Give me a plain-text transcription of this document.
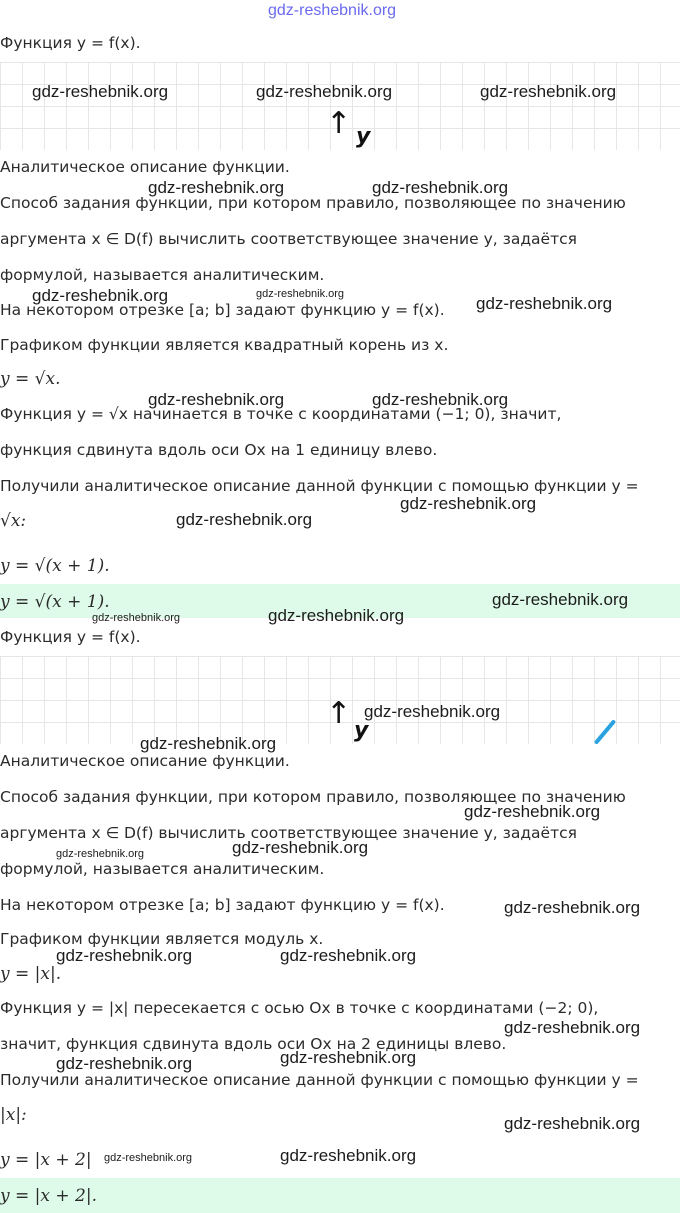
gdz-reshebnik.org
Функция y = f(x).
↑ y
gdz-reshebnik.org	gdz-reshebnik.org	gdz-reshebnik.org
Аналитическое описание функции.
gdz-reshebnik.org	gdz-reshebnik.org
Способ задания функции, при котором правило, позволяющее по значению
аргумента x ∈ D(f) вычислить соответствующее значение y, задаётся
формулой, называется аналитическим.
gdz-reshebnik.org	gdz-reshebnik.org	gdz-reshebnik.org
На некотором отрезке [a; b] задают функцию y = f(x).
Графиком функции является квадратный корень из x.
y = √x.
gdz-reshebnik.org	gdz-reshebnik.org
Функция y = √x начинается в точке с координатами (−1; 0), значит,
функция сдвинута вдоль оси Ox на 1 единицу влево.
Получили аналитическое описание данной функции с помощью функции y =
gdz-reshebnik.org
√x:	gdz-reshebnik.org
y = √(x + 1).
y = √(x + 1).	gdz-reshebnik.org
gdz-reshebnik.org	gdz-reshebnik.org
Функция y = f(x).
↑ y
gdz-reshebnik.org
gdz-reshebnik.org
Аналитическое описание функции.
Способ задания функции, при котором правило, позволяющее по значению
gdz-reshebnik.org
аргумента x ∈ D(f) вычислить соответствующее значение y, задаётся
gdz-reshebnik.org
gdz-reshebnik.org
формулой, называется аналитическим.
На некотором отрезке [a; b] задают функцию y = f(x).	gdz-reshebnik.org
Графиком функции является модуль x.
gdz-reshebnik.org	gdz-reshebnik.org
y = |x|.
Функция y = |x| пересекается с осью Ox в точке с координатами (−2; 0),
gdz-reshebnik.org
значит, функция сдвинута вдоль оси Ox на 2 единицы влево.
gdz-reshebnik.org	gdz-reshebnik.org
Получили аналитическое описание данной функции с помощью функции y =
|x|:	gdz-reshebnik.org
y = |x + 2| gdz-reshebnik.org	gdz-reshebnik.org
y = |x + 2|.
